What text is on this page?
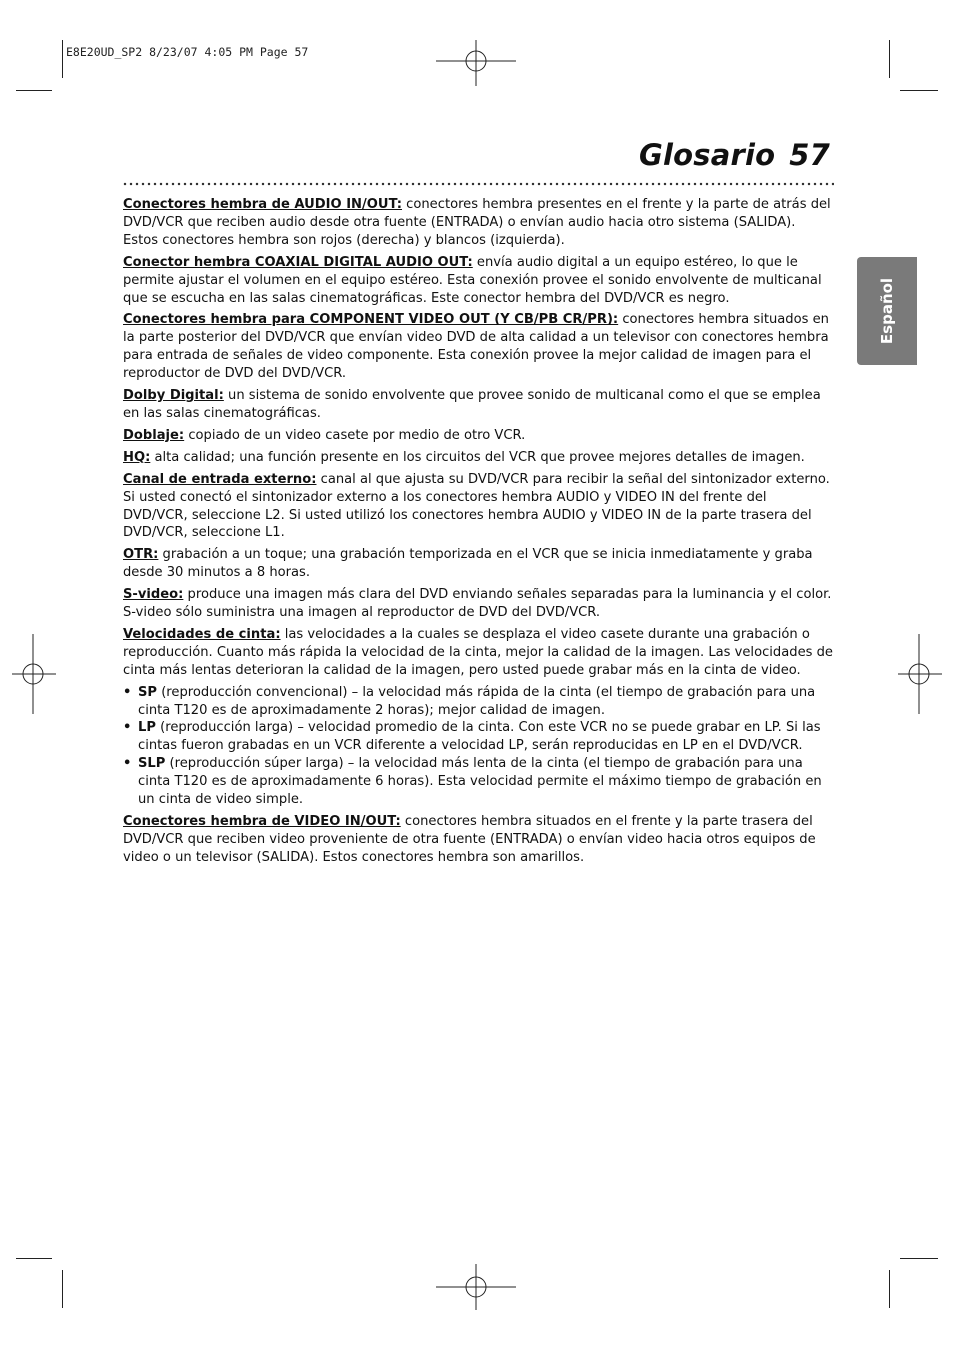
E8E20UD_SP2 8/23/07 4:05 PM Page 57
Glosario 57
Español

Conectores hembra de AUDIO IN/OUT: conectores hembra presentes en el frente y la parte de atrás del DVD/VCR que reciben audio desde otra fuente (ENTRADA) o envían audio hacia otro sistema (SALIDA). Estos conectores hembra son rojos (derecha) y blancos (izquierda).

Conector hembra COAXIAL DIGITAL AUDIO OUT: envía audio digital a un equipo estéreo, lo que le permite ajustar el volumen en el equipo estéreo. Esta conexión provee el sonido envolvente de multicanal que se escucha en las salas cinematográficas. Este conector hembra del DVD/VCR es negro.

Conectores hembra para COMPONENT VIDEO OUT (Y CB/PB CR/PR): conectores hembra situados en la parte posterior del DVD/VCR que envían video DVD de alta calidad a un televisor con conectores hembra para entrada de señales de video componente. Esta conexión provee la mejor calidad de imagen para el reproductor de DVD del DVD/VCR.

Dolby Digital: un sistema de sonido envolvente que provee sonido de multicanal como el que se emplea en las salas cinematográficas.

Doblaje: copiado de un video casete por medio de otro VCR.

HQ: alta calidad; una función presente en los circuitos del VCR que provee mejores detalles de imagen.

Canal de entrada externo: canal al que ajusta su DVD/VCR para recibir la señal del sintonizador externo. Si usted conectó el sintonizador externo a los conectores hembra AUDIO y VIDEO IN del frente del DVD/VCR, seleccione L2. Si usted utilizó los conectores hembra AUDIO y VIDEO IN de la parte trasera del DVD/VCR, seleccione L1.

OTR: grabación a un toque; una grabación temporizada en el VCR que se inicia inmediatamente y graba desde 30 minutos a 8 horas.

S-video: produce una imagen más clara del DVD enviando señales separadas para la luminancia y el color. S-video sólo suministra una imagen al reproductor de DVD del DVD/VCR.

Velocidades de cinta: las velocidades a la cuales se desplaza el video casete durante una grabación o reproducción. Cuanto más rápida la velocidad de la cinta, mejor la calidad de la imagen. Las velocidades de cinta más lentas deterioran la calidad de la imagen, pero usted puede grabar más en la cinta de video.

• SP (reproducción convencional) – la velocidad más rápida de la cinta (el tiempo de grabación para una cinta T120 es de aproximadamente 2 horas); mejor calidad de imagen.
• LP (reproducción larga) – velocidad promedio de la cinta. Con este VCR no se puede grabar en LP. Si las cintas fueron grabadas en un VCR diferente a velocidad LP, serán reproducidas en LP en el DVD/VCR.
• SLP (reproducción súper larga) – la velocidad más lenta de la cinta (el tiempo de grabación para una cinta T120 es de aproximadamente 6 horas). Esta velocidad permite el máximo tiempo de grabación en un cinta de video simple.

Conectores hembra de VIDEO IN/OUT: conectores hembra situados en el frente y la parte trasera del DVD/VCR que reciben video proveniente de otra fuente (ENTRADA) o envían video hacia otros equipos de video o un televisor (SALIDA). Estos conectores hembra son amarillos.
